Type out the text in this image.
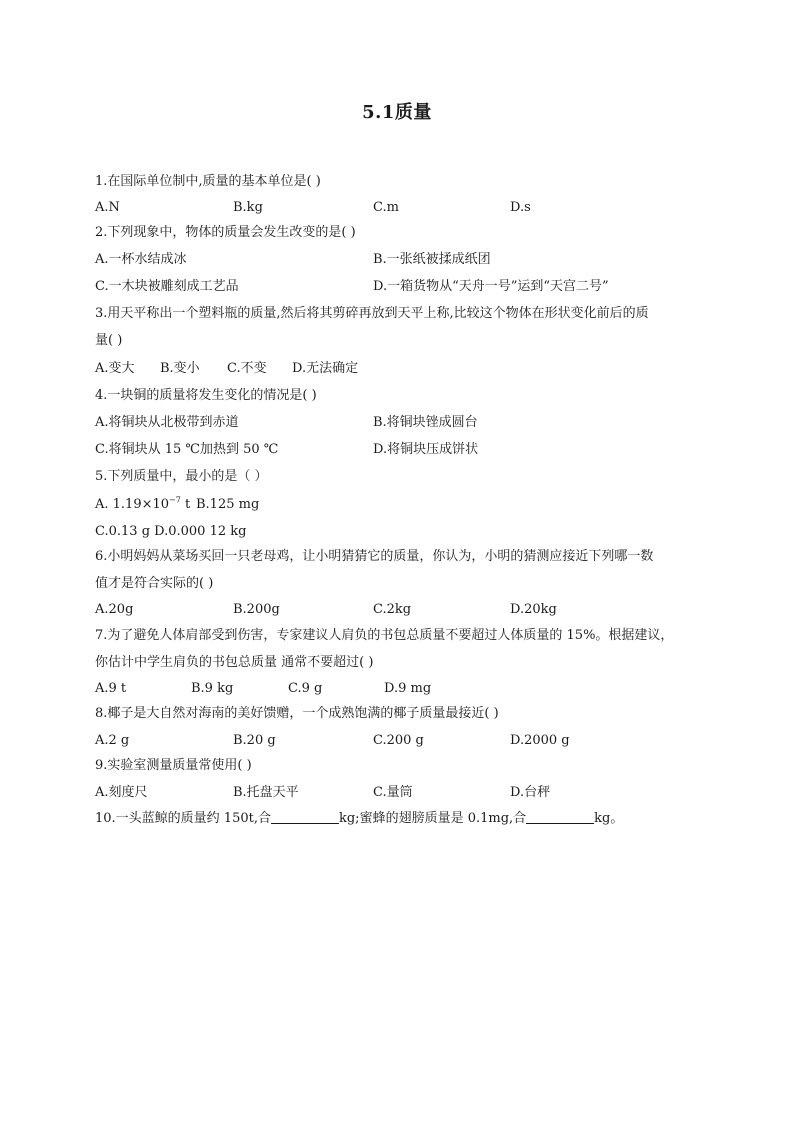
5.1质量
1.在国际单位制中,质量的基本单位是( )
A.N	B.kg	C.m	D.s
2.下列现象中，物体的质量会发生改变的是( )
A.一杯水结成冰	B.一张纸被揉成纸团
C.一木块被雕刻成工艺品	D.一箱货物从“天舟一号”运到“天宫二号”
3.用天平称出一个塑料瓶的质量,然后将其剪碎再放到天平上称,比较这个物体在形状变化前后的质
量( )
A.变大 B.变小 C.不变 D.无法确定
4.一块铜的质量将发生变化的情况是( )
A.将铜块从北极带到赤道	B.将铜块锉成圆台
C.将铜块从 15 ℃加热到 50 ℃	D.将铜块压成饼状
5.下列质量中，最小的是（ ）
A. $1.19\times 10^{-7}$ t B.125 mg
C.0.13 g D.0.000 12 kg
6.小明妈妈从菜场买回一只老母鸡，让小明猜猜它的质量，你认为，小明的猜测应接近下列哪一数
值才是符合实际的( )
A.20g	B.200g	C.2kg	D.20kg
7.为了避免人体肩部受到伤害，专家建议人肩负的书包总质量不要超过人体质量的 15%。根据建议，
你估计中学生肩负的书包总质量 通常不要超过( )
A.9 t	B.9 kg	C.9 g	D.9 mg
8.椰子是大自然对海南的美好馈赠，一个成熟饱满的椰子质量最接近( )
A.2 g	B.20 g	C.200 g	D.2000 g
9.实验室测量质量常使用( )
A.刻度尺	B.托盘天平	C.量筒	D.台秤
10.一头蓝鲸的质量约 150t,合	kg;蜜蜂的翅膀质量是 0.1mg,合	kg。
